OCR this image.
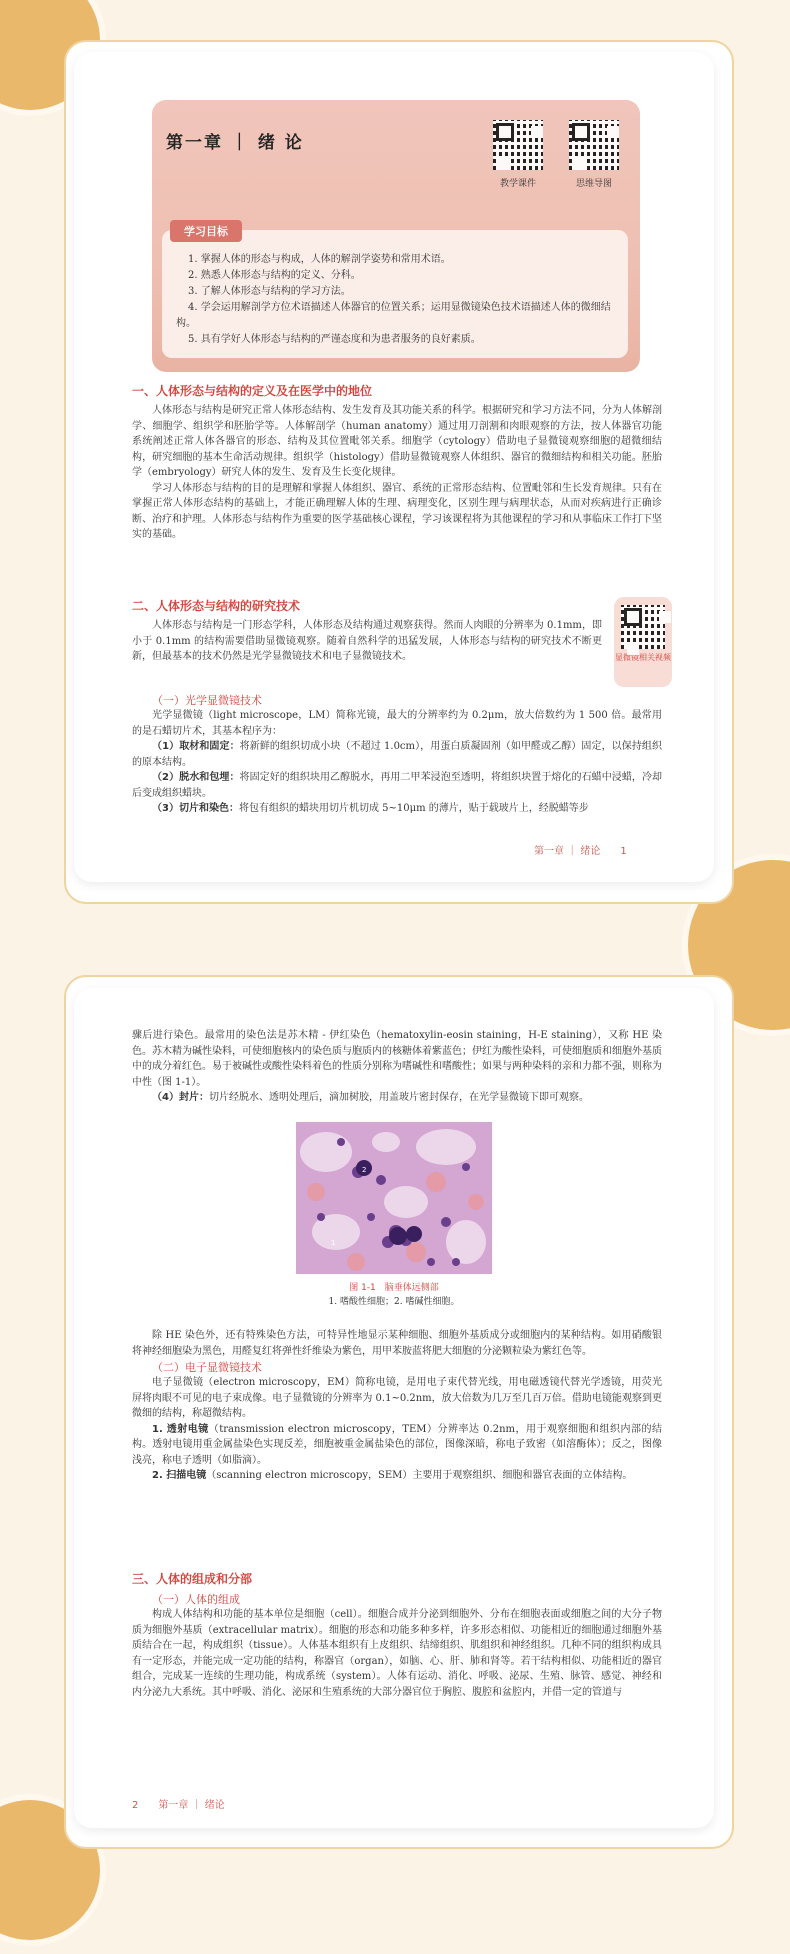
第一章 ｜ 绪 论
教学课件	思维导图
学习目标
1. 掌握人体的形态与构成，人体的解剖学姿势和常用术语。
2. 熟悉人体形态与结构的定义、分科。
3. 了解人体形态与结构的学习方法。
4. 学会运用解剖学方位术语描述人体器官的位置关系；运用显微镜染色技术语描述人体的微细结构。
5. 具有学好人体形态与结构的严谨态度和为患者服务的良好素质。
一、人体形态与结构的定义及在医学中的地位
人体形态与结构是研究正常人体形态结构、发生发育及其功能关系的科学。根据研究和学习方法不同，分为人体解剖学、细胞学、组织学和胚胎学等。人体解剖学（human anatomy）通过用刀剖割和肉眼观察的方法，按人体器官功能系统阐述正常人体各器官的形态、结构及其位置毗邻关系。细胞学（cytology）借助电子显微镜观察细胞的超微细结构，研究细胞的基本生命活动规律。组织学（histology）借助显微镜观察人体组织、器官的微细结构和相关功能。胚胎学（embryology）研究人体的发生、发育及生长变化规律。
学习人体形态与结构的目的是理解和掌握人体组织、器官、系统的正常形态结构、位置毗邻和生长发育规律。只有在掌握正常人体形态结构的基础上，才能正确理解人体的生理、病理变化，区别生理与病理状态，从而对疾病进行正确诊断、治疗和护理。人体形态与结构作为重要的医学基础核心课程，学习该课程将为其他课程的学习和从事临床工作打下坚实的基础。
二、人体形态与结构的研究技术
人体形态与结构是一门形态学科，人体形态及结构通过观察获得。然而人肉眼的分辨率为 0.1mm，即小于 0.1mm 的结构需要借助显微镜观察。随着自然科学的迅猛发展，人体形态与结构的研究技术不断更新，但最基本的技术仍然是光学显微镜技术和电子显微镜技术。	显微镜相关视频
（一）光学显微镜技术
光学显微镜（light microscope，LM）简称光镜，最大的分辨率约为 0.2μm，放大倍数约为 1 500 倍。最常用的是石蜡切片术，其基本程序为：
（1）取材和固定：将新鲜的组织切成小块（不超过 1.0cm），用蛋白质凝固剂（如甲醛或乙醇）固定，以保持组织的原本结构。
（2）脱水和包埋：将固定好的组织块用乙醇脱水，再用二甲苯浸泡至透明，将组织块置于熔化的石蜡中浸蜡，冷却后变成组织蜡块。
（3）切片和染色：将包有组织的蜡块用切片机切成 5~10μm 的薄片，贴于载玻片上，经脱蜡等步
第一章 ｜ 绪论　　1
骤后进行染色。最常用的染色法是苏木精 - 伊红染色（hematoxylin-eosin staining，H-E staining），又称 HE 染色。苏木精为碱性染料，可使细胞核内的染色质与胞质内的核糖体着紫蓝色；伊红为酸性染料，可使细胞质和细胞外基质中的成分着红色。易于被碱性或酸性染料着色的性质分别称为嗜碱性和嗜酸性；如果与两种染料的亲和力都不强，则称为中性（图 1-1）。
（4）封片：切片经脱水、透明处理后，滴加树胶，用盖玻片密封保存，在光学显微镜下即可观察。
2
1
图 1-1　脑垂体远侧部
1. 嗜酸性细胞；2. 嗜碱性细胞。
除 HE 染色外，还有特殊染色方法，可特异性地显示某种细胞、细胞外基质成分或细胞内的某种结构。如用硝酸银将神经细胞染为黑色，用醛复红将弹性纤维染为紫色，用甲苯胺蓝将肥大细胞的分泌颗粒染为紫红色等。
（二）电子显微镜技术
电子显微镜（electron microscopy，EM）简称电镜，是用电子束代替光线，用电磁透镜代替光学透镜，用荧光屏将肉眼不可见的电子束成像。电子显微镜的分辨率为 0.1~0.2nm，放大倍数为几万至几百万倍。借助电镜能观察到更微细的结构，称超微结构。
1. 透射电镜（transmission electron microscopy，TEM）分辨率达 0.2nm，用于观察细胞和组织内部的结构。透射电镜用重金属盐染色实现反差，细胞被重金属盐染色的部位，图像深暗，称电子致密（如溶酶体）；反之，图像浅亮，称电子透明（如脂滴）。
2. 扫描电镜（scanning electron microscopy，SEM）主要用于观察组织、细胞和器官表面的立体结构。
三、人体的组成和分部
（一）人体的组成
构成人体结构和功能的基本单位是细胞（cell）。细胞合成并分泌到细胞外、分布在细胞表面或细胞之间的大分子物质为细胞外基质（extracellular matrix）。细胞的形态和功能多种多样，许多形态相似、功能相近的细胞通过细胞外基质结合在一起，构成组织（tissue）。人体基本组织有上皮组织、结缔组织、肌组织和神经组织。几种不同的组织构成具有一定形态，并能完成一定功能的结构，称器官（organ），如脑、心、肝、肺和肾等。若干结构相似、功能相近的器官组合，完成某一连续的生理功能，构成系统（system）。人体有运动、消化、呼吸、泌尿、生殖、脉管、感觉、神经和内分泌九大系统。其中呼吸、消化、泌尿和生殖系统的大部分器官位于胸腔、腹腔和盆腔内，并借一定的管道与
2　　第一章 ｜ 绪论
